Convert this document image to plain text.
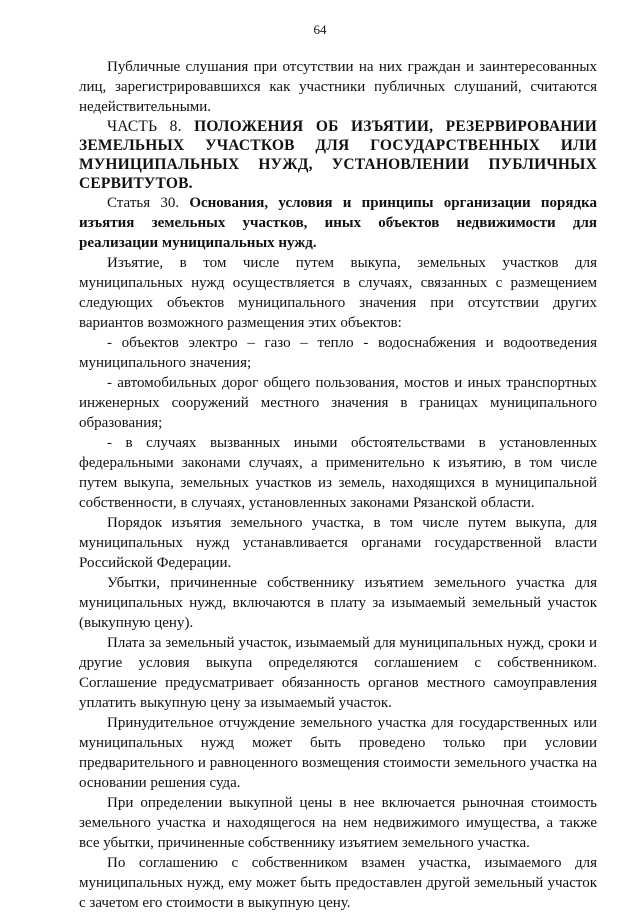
64

Публичные слушания при отсутствии на них граждан и заинтересованных лиц, зарегистрировавшихся как участники публичных слушаний, считаются недействительными.

ЧАСТЬ 8. ПОЛОЖЕНИЯ ОБ ИЗЪЯТИИ, РЕЗЕРВИРОВАНИИ ЗЕМЕЛЬНЫХ УЧАСТКОВ ДЛЯ ГОСУДАРСТВЕННЫХ ИЛИ МУНИЦИПАЛЬНЫХ НУЖД, УСТАНОВЛЕНИИ ПУБЛИЧНЫХ СЕРВИТУТОВ.

Статья 30. Основания, условия и принципы организации порядка изъятия земельных участков, иных объектов недвижимости для реализации муниципальных нужд.

Изъятие, в том числе путем выкупа, земельных участков для муниципальных нужд осуществляется в случаях, связанных с размещением следующих объектов муниципального значения при отсутствии других вариантов возможного размещения этих объектов:

- объектов электро – газо – тепло - водоснабжения и водоотведения муниципального значения;

- автомобильных дорог общего пользования, мостов и иных транспортных инженерных сооружений местного значения в границах муниципального образования;

- в случаях вызванных иными обстоятельствами в установленных федеральными законами случаях, а применительно к изъятию, в том числе путем выкупа, земельных участков из земель, находящихся в муниципальной собственности, в случаях, установленных законами Рязанской области.

Порядок изъятия земельного участка, в том числе путем выкупа, для муниципальных нужд устанавливается органами государственной власти Российской Федерации.

Убытки, причиненные собственнику изъятием земельного участка для муниципальных нужд, включаются в плату за изымаемый земельный участок (выкупную цену).

Плата за земельный участок, изымаемый для муниципальных нужд, сроки и другие условия выкупа определяются соглашением с собственником. Соглашение предусматривает обязанность органов местного самоуправления уплатить выкупную цену за изымаемый участок.

Принудительное отчуждение земельного участка для государственных или муниципальных нужд может быть проведено только при условии предварительного и равноценного возмещения стоимости земельного участка на основании решения суда.

При определении выкупной цены в нее включается рыночная стоимость земельного участка и находящегося на нем недвижимого имущества, а также все убытки, причиненные собственнику изъятием земельного участка.

По соглашению с собственником взамен участка, изымаемого для муниципальных нужд, ему может быть предоставлен другой земельный участок с зачетом его стоимости в выкупную цену.
